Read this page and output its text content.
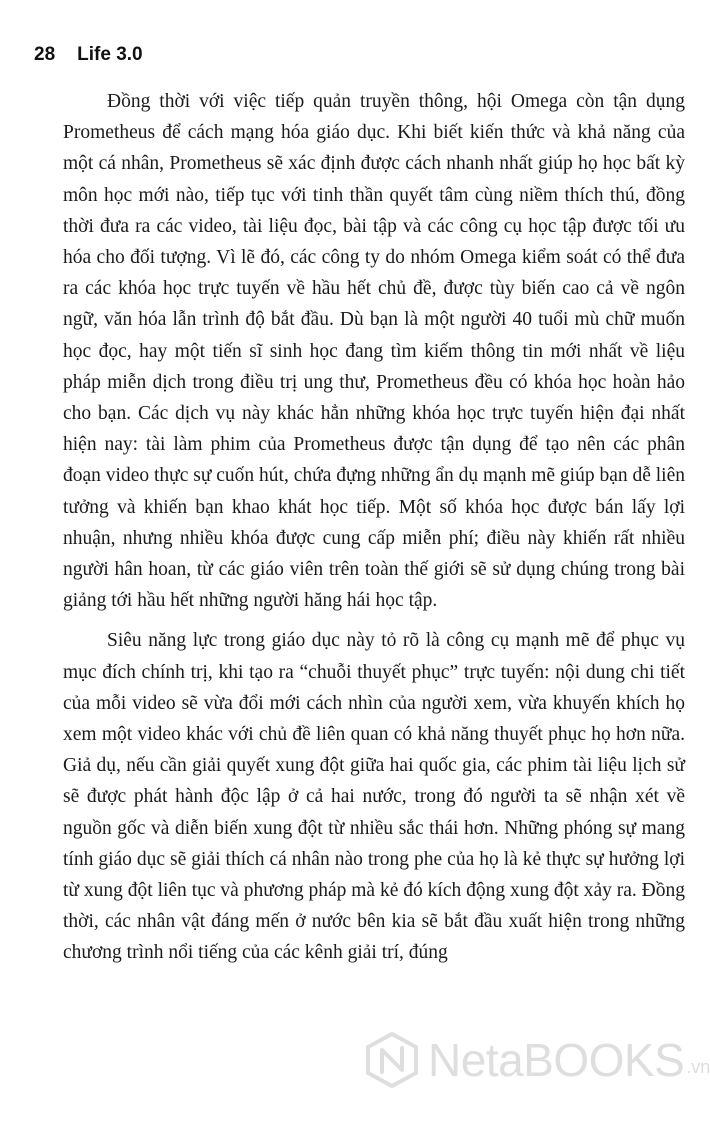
28 Life 3.0

Đồng thời với việc tiếp quản truyền thông, hội Omega còn tận dụng Prometheus để cách mạng hóa giáo dục. Khi biết kiến thức và khả năng của một cá nhân, Prometheus sẽ xác định được cách nhanh nhất giúp họ học bất kỳ môn học mới nào, tiếp tục với tinh thần quyết tâm cùng niềm thích thú, đồng thời đưa ra các video, tài liệu đọc, bài tập và các công cụ học tập được tối ưu hóa cho đối tượng. Vì lẽ đó, các công ty do nhóm Omega kiểm soát có thể đưa ra các khóa học trực tuyến về hầu hết chủ đề, được tùy biến cao cả về ngôn ngữ, văn hóa lẫn trình độ bắt đầu. Dù bạn là một người 40 tuổi mù chữ muốn học đọc, hay một tiến sĩ sinh học đang tìm kiếm thông tin mới nhất về liệu pháp miễn dịch trong điều trị ung thư, Prometheus đều có khóa học hoàn hảo cho bạn. Các dịch vụ này khác hẳn những khóa học trực tuyến hiện đại nhất hiện nay: tài làm phim của Prometheus được tận dụng để tạo nên các phân đoạn video thực sự cuốn hút, chứa đựng những ẩn dụ mạnh mẽ giúp bạn dễ liên tưởng và khiến bạn khao khát học tiếp. Một số khóa học được bán lấy lợi nhuận, nhưng nhiều khóa được cung cấp miễn phí; điều này khiến rất nhiều người hân hoan, từ các giáo viên trên toàn thế giới sẽ sử dụng chúng trong bài giảng tới hầu hết những người hăng hái học tập.

Siêu năng lực trong giáo dục này tỏ rõ là công cụ mạnh mẽ để phục vụ mục đích chính trị, khi tạo ra “chuỗi thuyết phục” trực tuyến: nội dung chi tiết của mỗi video sẽ vừa đổi mới cách nhìn của người xem, vừa khuyến khích họ xem một video khác với chủ đề liên quan có khả năng thuyết phục họ hơn nữa. Giả dụ, nếu cần giải quyết xung đột giữa hai quốc gia, các phim tài liệu lịch sử sẽ được phát hành độc lập ở cả hai nước, trong đó người ta sẽ nhận xét về nguồn gốc và diễn biến xung đột từ nhiều sắc thái hơn. Những phóng sự mang tính giáo dục sẽ giải thích cá nhân nào trong phe của họ là kẻ thực sự hưởng lợi từ xung đột liên tục và phương pháp mà kẻ đó kích động xung đột xảy ra. Đồng thời, các nhân vật đáng mến ở nước bên kia sẽ bắt đầu xuất hiện trong những chương trình nổi tiếng của các kênh giải trí, đúng

NetaBOOKS .vn
